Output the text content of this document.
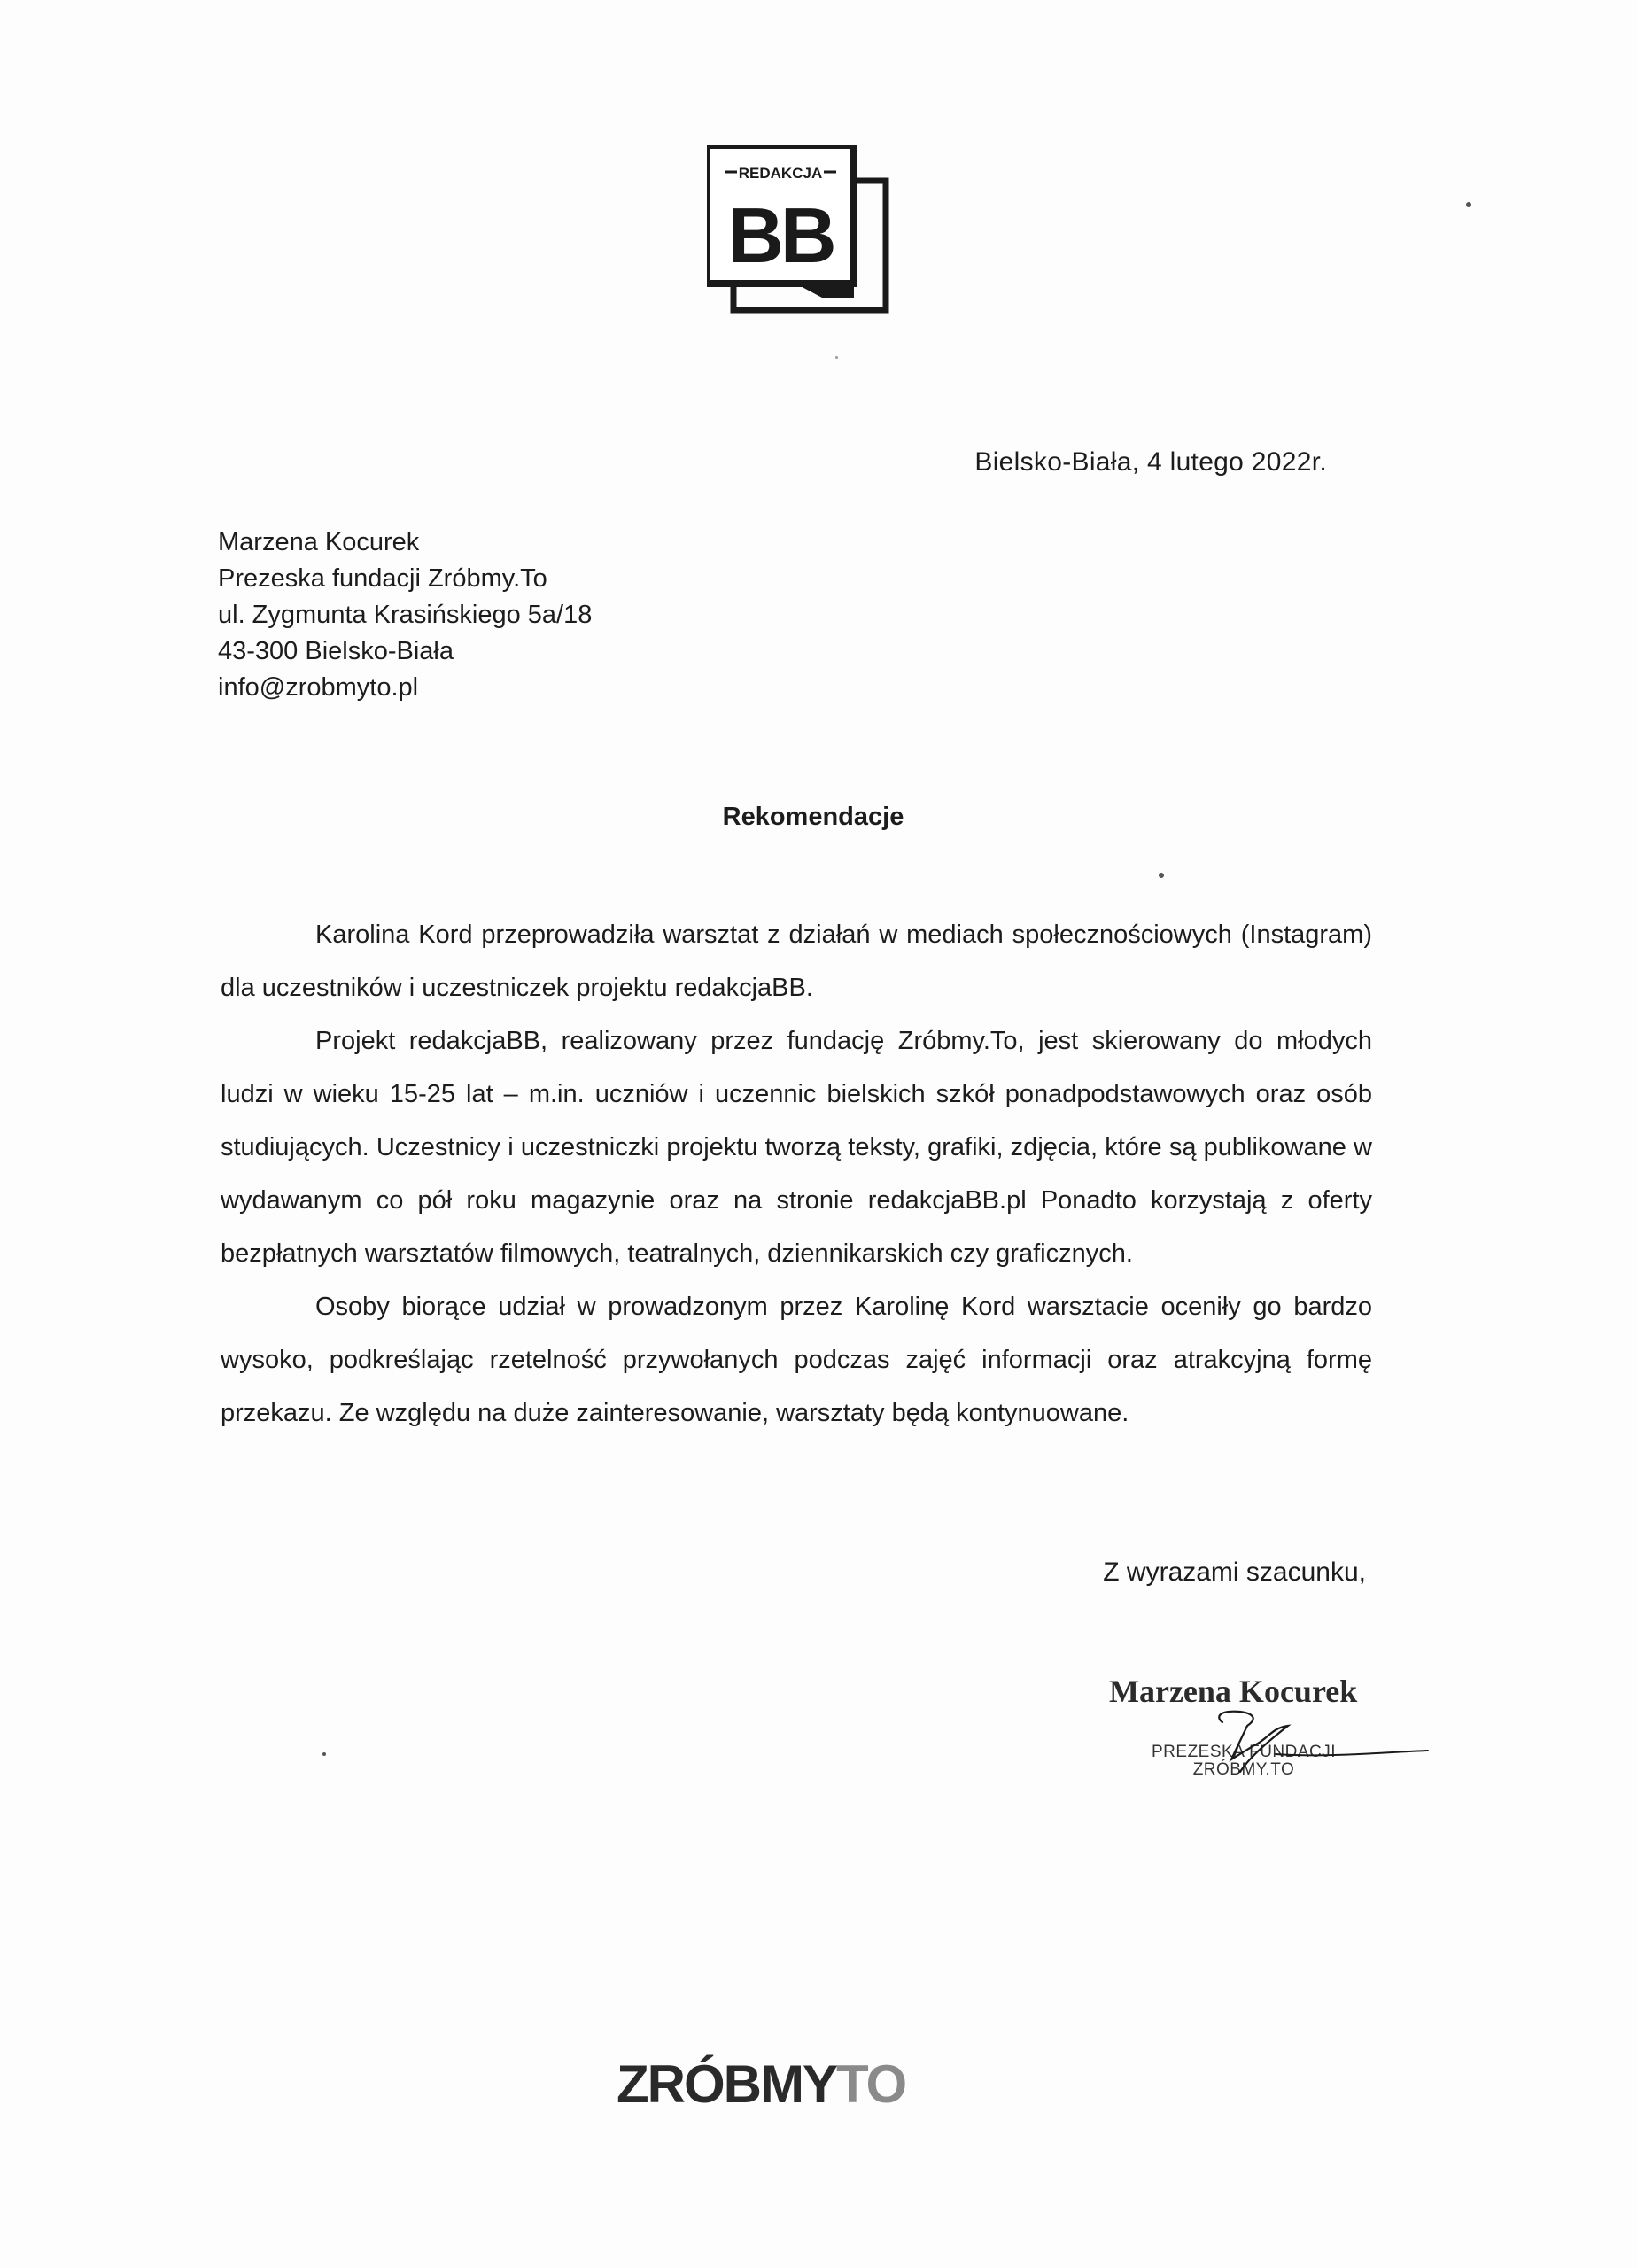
REDAKCJA
BB
Bielsko-Biała, 4 lutego 2022r.
Marzena Kocurek
Prezeska fundacji Zróbmy.To
ul. Zygmunta Krasińskiego 5a/18
43-300 Bielsko-Biała
info@zrobmyto.pl
Rekomendacje

Karolina Kord przeprowadziła warsztat z działań w mediach społecznościowych (Instagram) dla uczestników i uczestniczek projektu redakcjaBB.

Projekt redakcjaBB, realizowany przez fundację Zróbmy.To, jest skierowany do młodych ludzi w wieku 15-25 lat – m.in. uczniów i uczennic bielskich szkół ponadpodstawowych oraz osób studiujących. Uczestnicy i uczestniczki projektu tworzą teksty, grafiki, zdjęcia, które są publikowane w wydawanym co pół roku magazynie oraz na stronie redakcjaBB.pl Ponadto korzystają z oferty bezpłatnych warsztatów filmowych, teatralnych, dziennikarskich czy graficznych.

Osoby biorące udział w prowadzonym przez Karolinę Kord warsztacie oceniły go bardzo wysoko, podkreślając rzetelność przywołanych podczas zajęć informacji oraz atrakcyjną formę przekazu. Ze względu na duże zainteresowanie, warsztaty będą kontynuowane.

Z wyrazami szacunku,
Marzena Kocurek
PREZESKA FUNDACJI
ZRÓBMY.TO
ZRÓBMYTO
